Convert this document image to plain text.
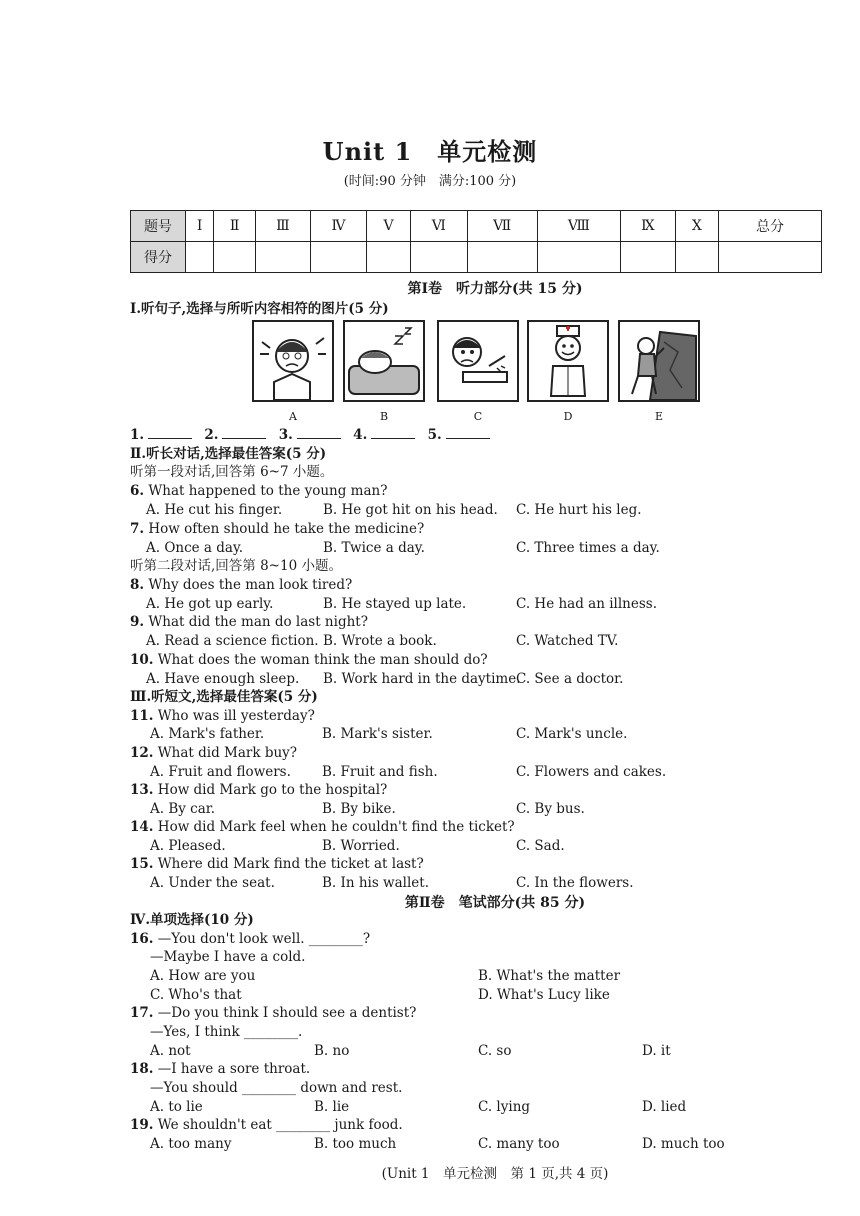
Unit 1　单元检测
(时间:90 分钟　满分:100 分)
题号	Ⅰ	Ⅱ	Ⅲ	Ⅳ	Ⅴ	Ⅵ	Ⅶ	Ⅷ	Ⅸ	Ⅹ	总分
得分											
第Ⅰ卷　听力部分(共 15 分)
Ⅰ.听句子,选择与所听内容相符的图片(5 分)
A	B	C	D	E
1.	2.	3.	4.	5.
Ⅱ.听长对话,选择最佳答案(5 分)
听第一段对话,回答第 6~7 小题。
6. What happened to the young man?
A. He cut his finger.	B. He got hit on his head. C. He hurt his leg.
7. How often should he take the medicine?
A. Once a day.	B. Twice a day.	C. Three times a day.
听第二段对话,回答第 8~10 小题。
8. Why does the man look tired?
A. He got up early.	B. He stayed up late.	C. He had an illness.
9. What did the man do last night?
A. Read a science fiction. B. Wrote a book.	C. Watched TV.
10. What does the woman think the man should do?
A. Have enough sleep. B. Work hard in the daytime.
C. See a doctor.
Ⅲ.听短文,选择最佳答案(5 分)
11. Who was ill yesterday?
A. Mark's father.	B. Mark's sister.	C. Mark's uncle.
12. What did Mark buy?
A. Fruit and flowers. B. Fruit and fish.	C. Flowers and cakes.
13. How did Mark go to the hospital?
A. By car.	B. By bike.	C. By bus.
14. How did Mark feel when he couldn't find the ticket?
A. Pleased.	B. Worried.	C. Sad.
15. Where did Mark find the ticket at last?
A. Under the seat.	B. In his wallet.	C. In the flowers.
第Ⅱ卷　笔试部分(共 85 分)
Ⅳ.单项选择(10 分)
16. —You don't look well. ________?
—Maybe I have a cold.
A. How are you	B. What's the matter
C. Who's that	D. What's Lucy like
17. —Do you think I should see a dentist?
—Yes, I think ________.
A. not	B. no	C. so	D. it
18. —I have a sore throat.
—You should ________ down and rest.
A. to lie	B. lie	C. lying	D. lied
19. We shouldn't eat ________ junk food.
A. too many	B. too much	C. many too	D. much too
(Unit 1　单元检测　第 1 页,共 4 页)
